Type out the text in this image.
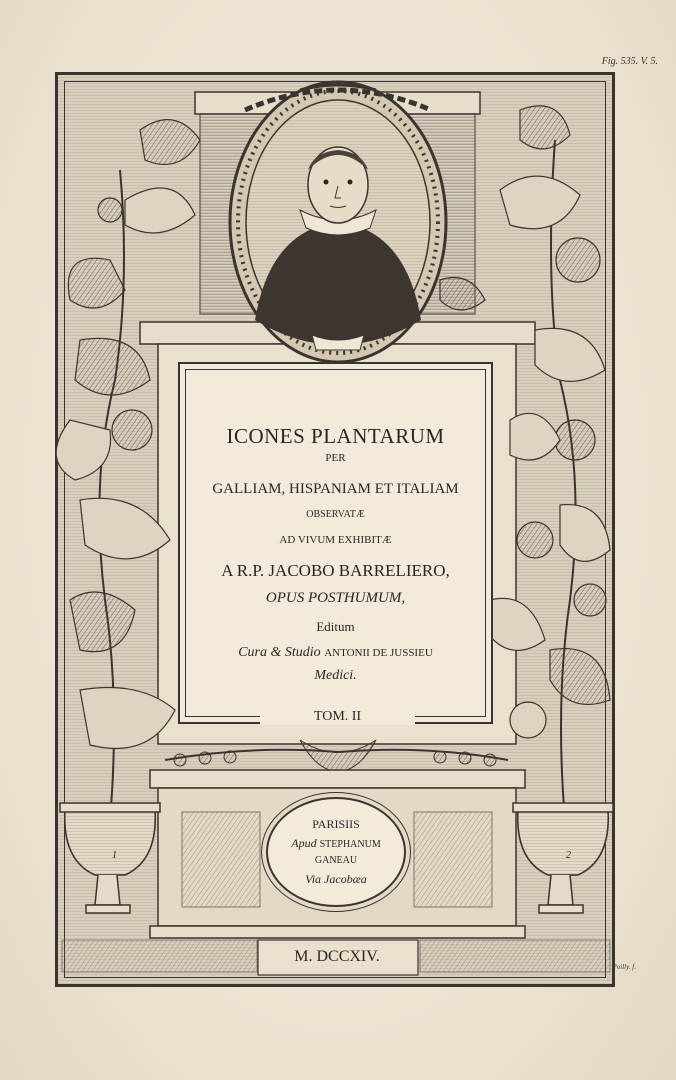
Fig. 535. V. 5.
ICONES PLANTARUM
PER
GALLIAM, HISPANIAM ET ITALIAM
OBSERVATÆ
AD VIVUM EXHIBITÆ
A R.P. JACOBO BARRELIERO,
OPUS POSTHUMUM,
Editum
Cura & Studio ANTONII DE JUSSIEU
Medici.
TOM. II
PARISIIS
Apud STEPHANUM
GANEAU
Via Jacobæa
M. DCCXIV.
1	2
Poilly. f.
